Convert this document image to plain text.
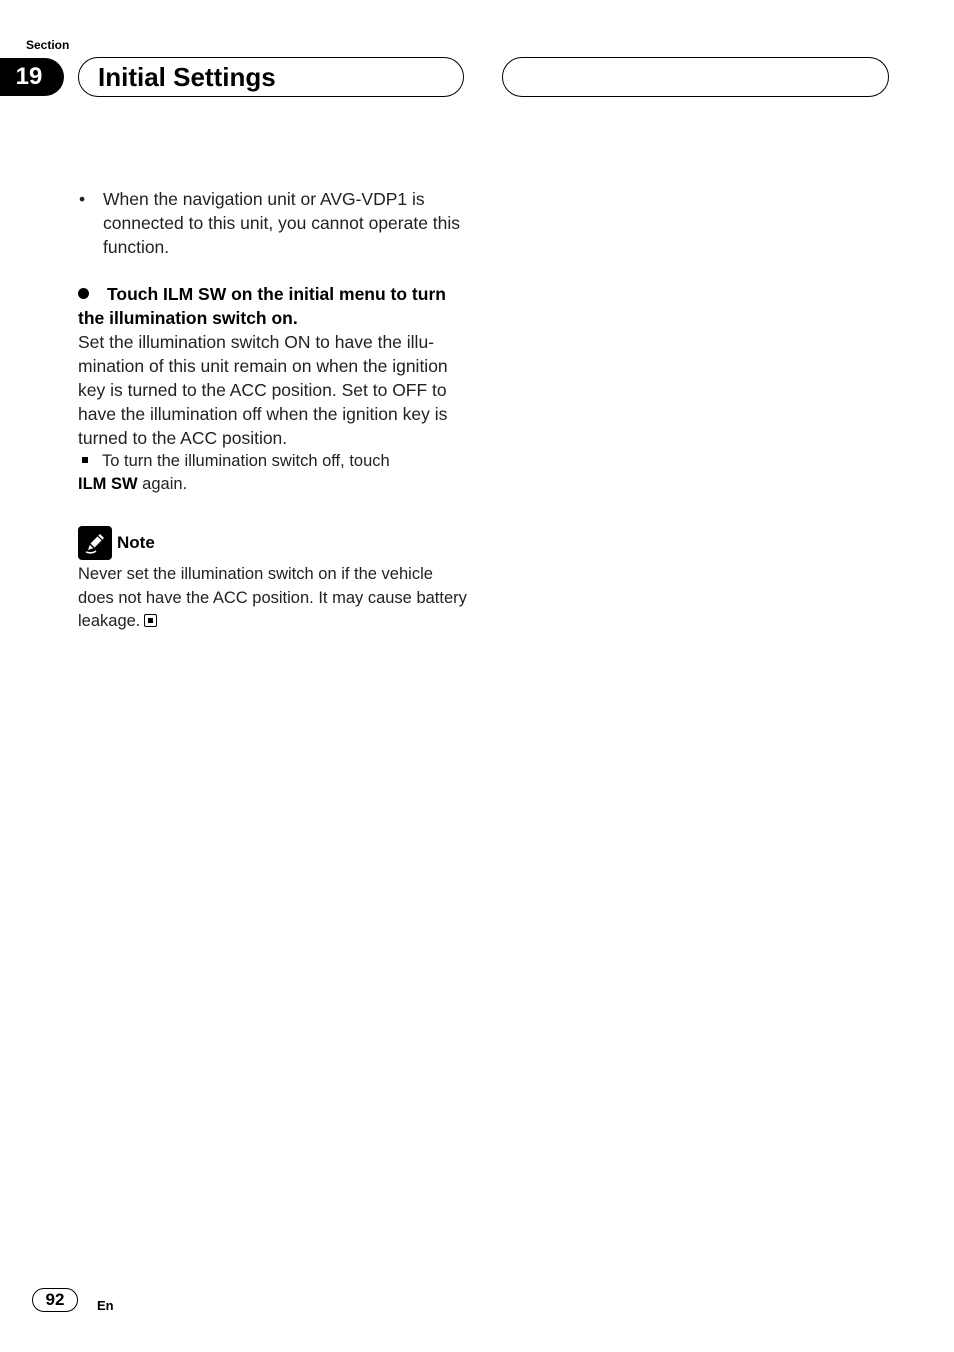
Section
19	Initial Settings
• When the navigation unit or AVG-VDP1 is connected to this unit, you cannot operate this function.
Touch ILM SW on the initial menu to turn the illumination switch on.
Set the illumination switch ON to have the illumination of this unit remain on when the ignition key is turned to the ACC position. Set to OFF to have the illumination off when the ignition key is turned to the ACC position.
To turn the illumination switch off, touch
ILM SW again.
Note
Never set the illumination switch on if the vehicle does not have the ACC position. It may cause battery leakage.
92	En
